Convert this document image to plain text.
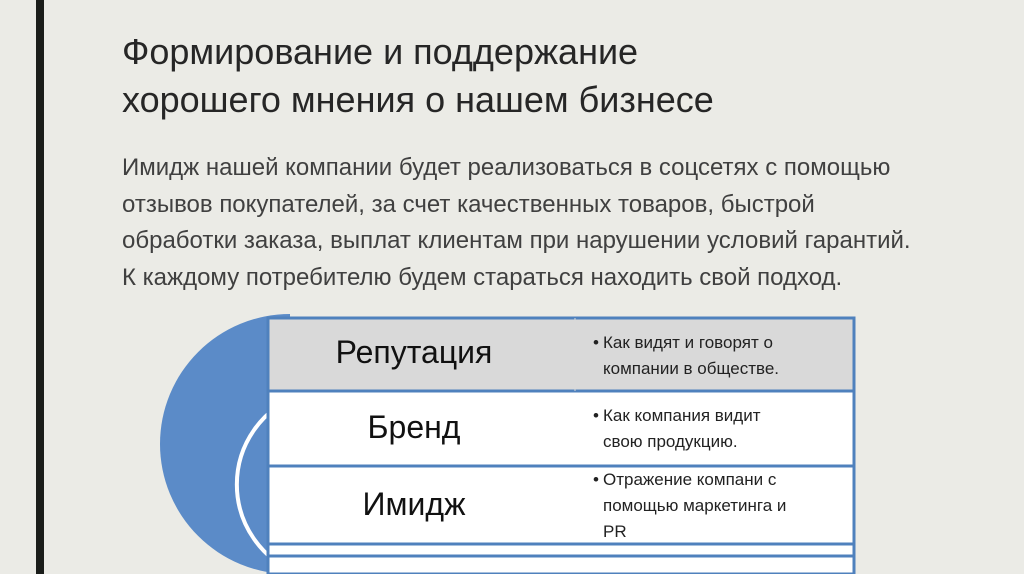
Формирование и поддержание
хорошего мнения о нашем бизнесе

Имидж нашей компании будет реализоваться в соцсетях с помощью отзывов покупателей, за счет качественных товаров, быстрой обработки заказа, выплат клиентам при нарушении условий гарантий. К каждому потребителю будем стараться находить свой подход.

Репутация
Бренд
Имидж
• Как видят и говорят о
компании в обществе.
• Как компания видит
свою продукцию.
• Отражение компани с
помощью маркетинга и
PR
